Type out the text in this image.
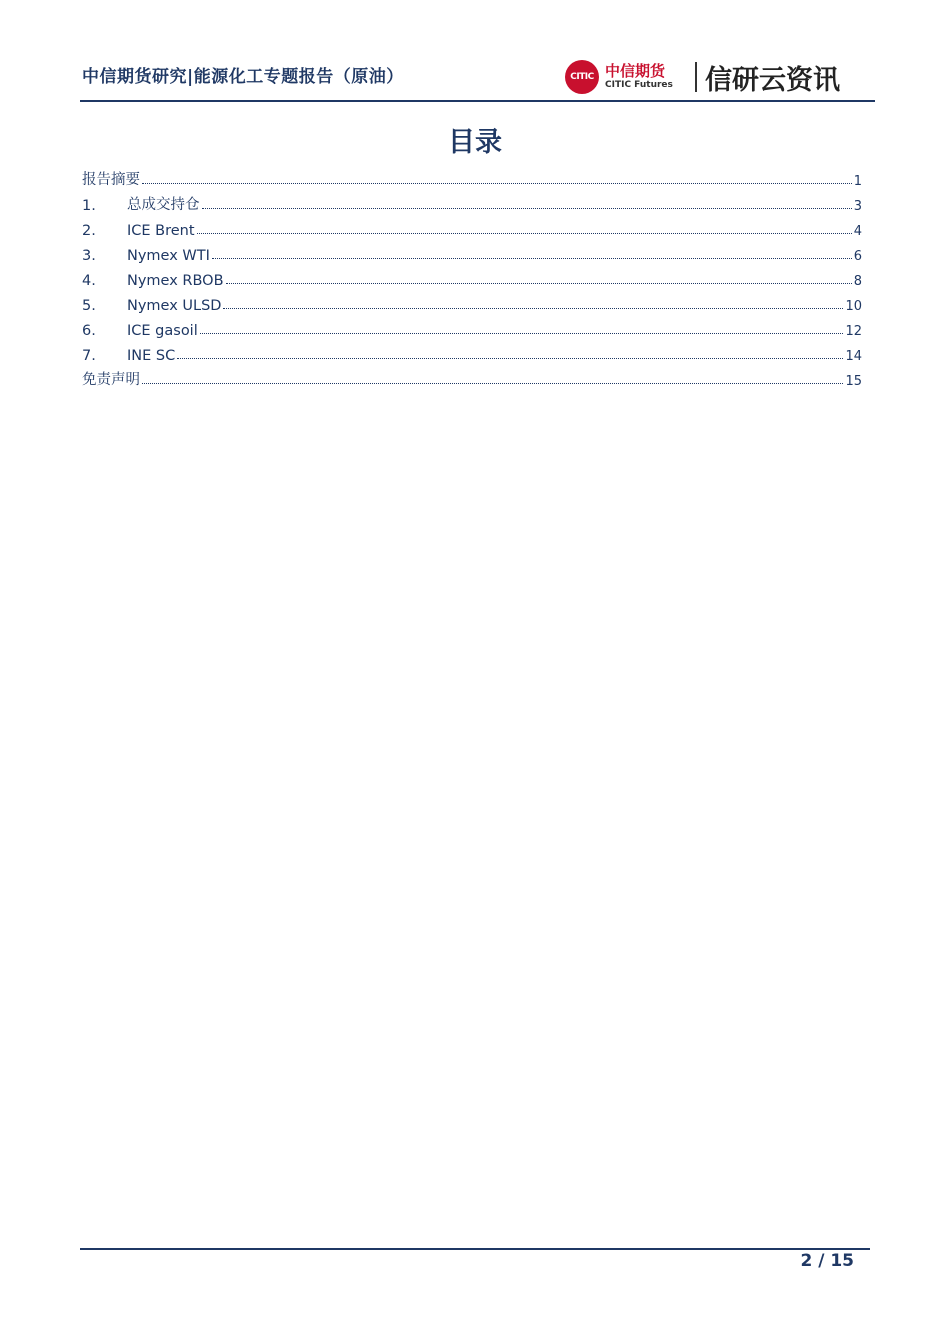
中信期货研究|能源化工专题报告（原油）	CITIC 中信期货
CITIC Futures 信研云资讯
目录
报告摘要	1
1.	总成交持仓	3
2.	ICE Brent	4
3.	Nymex WTI	6
4.	Nymex RBOB	8
5.	Nymex ULSD	10
6.	ICE gasoil	12
7.	INE SC	14
免责声明	15
2 / 15
